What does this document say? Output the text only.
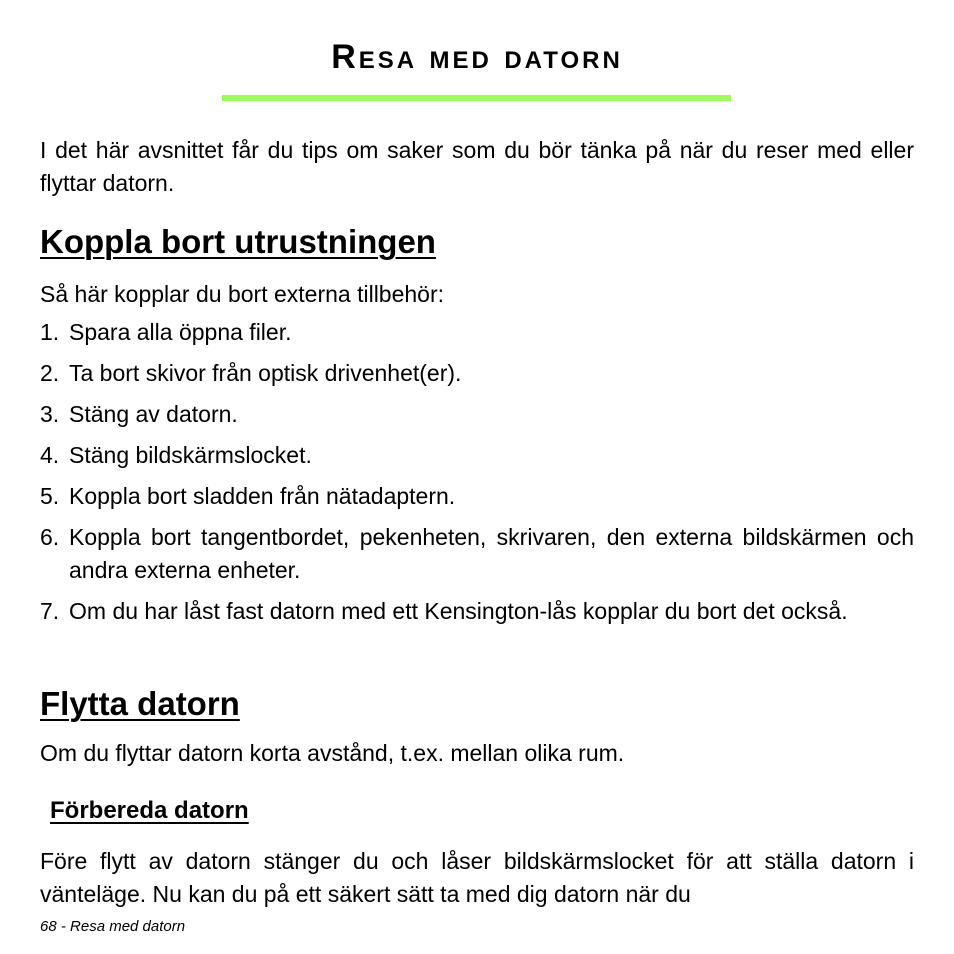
Resa med datorn
I det här avsnittet får du tips om saker som du bör tänka på när du reser med eller flyttar datorn.
Koppla bort utrustningen
Så här kopplar du bort externa tillbehör:
1. Spara alla öppna filer.
2. Ta bort skivor från optisk drivenhet(er).
3. Stäng av datorn.
4. Stäng bildskärmslocket.
5. Koppla bort sladden från nätadaptern.
6. Koppla bort tangentbordet, pekenheten, skrivaren, den externa bildskärmen och andra externa enheter.
7. Om du har låst fast datorn med ett Kensington-lås kopplar du bort det också.
Flytta datorn
Om du flyttar datorn korta avstånd, t.ex. mellan olika rum.
Förbereda datorn
Före flytt av datorn stänger du och låser bildskärmslocket för att ställa datorn i vänteläge. Nu kan du på ett säkert sätt ta med dig datorn när du
68 - Resa med datorn
